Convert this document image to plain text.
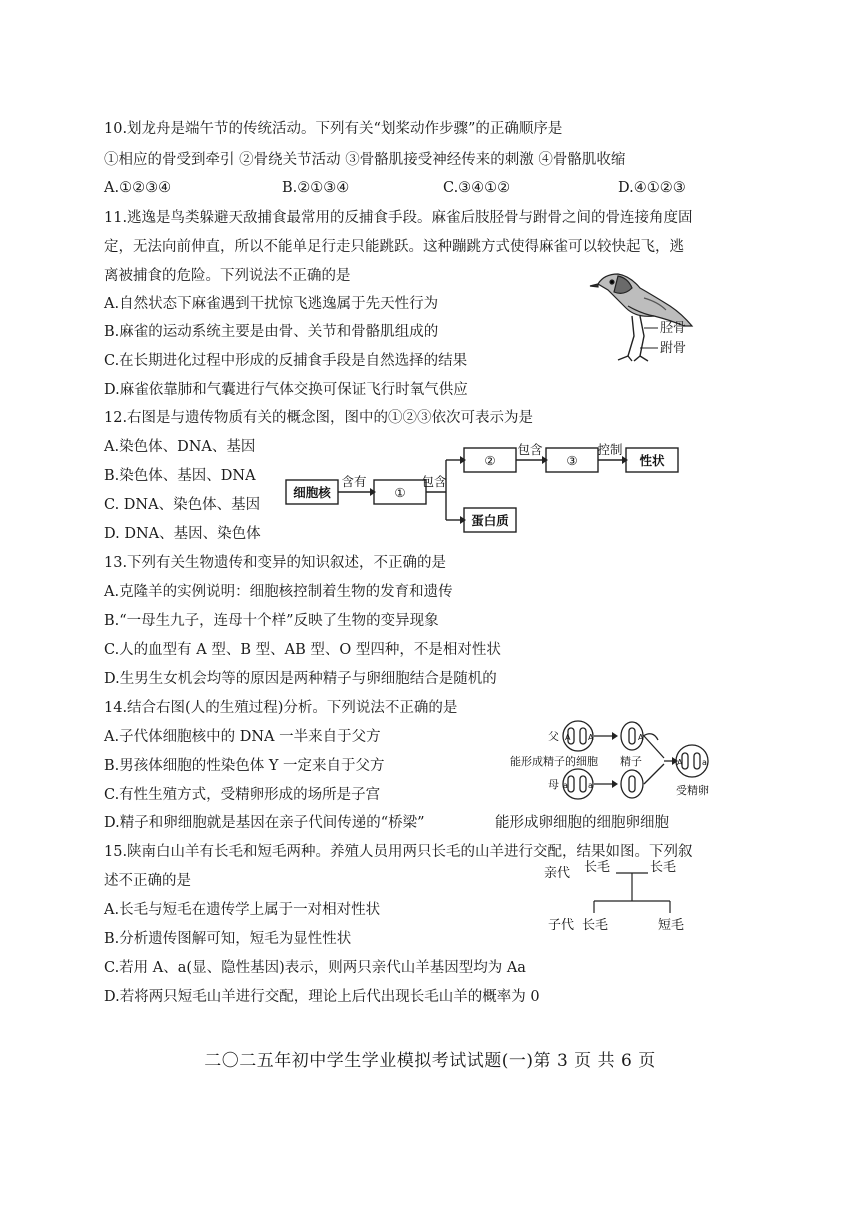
10.划龙舟是端午节的传统活动。下列有关“划桨动作步骤”的正确顺序是
①相应的骨受到牵引 ②骨绕关节活动 ③骨骼肌接受神经传来的刺激 ④骨骼肌收缩
A.①②③④	B.②①③④	C.③④①②	D.④①②③
11.逃逸是鸟类躲避天敌捕食最常用的反捕食手段。麻雀后肢胫骨与跗骨之间的骨连接角度固
定，无法向前伸直，所以不能单足行走只能跳跃。这种蹦跳方式使得麻雀可以较快起飞，逃
离被捕食的危险。下列说法不正确的是
A.自然状态下麻雀遇到干扰惊飞逃逸属于先天性行为
B.麻雀的运动系统主要是由骨、关节和骨骼肌组成的
C.在长期进化过程中形成的反捕食手段是自然选择的结果
D.麻雀依靠肺和气囊进行气体交换可保证飞行时氧气供应
胫骨
跗骨
12.右图是与遗传物质有关的概念图，图中的①②③依次可表示为是
A.染色体、DNA、基因
B.染色体、基因、DNA
C. DNA、染色体、基因
D. DNA、基因、染色体
细胞核
含有
①
包含
②
包含
③
控制
性状
蛋白质
13.下列有关生物遗传和变异的知识叙述，不正确的是
A.克隆羊的实例说明：细胞核控制着生物的发育和遗传
B.“一母生九子，连母十个样”反映了生物的变异现象
C.人的血型有 A 型、B 型、AB 型、O 型四种，不是相对性状
D.生男生女机会均等的原因是两种精子与卵细胞结合是随机的
14.结合右图(人的生殖过程)分析。下列说法不正确的是
A.子代体细胞核中的 DNA 一半来自于父方
B.男孩体细胞的性染色体 Y 一定来自于父方
C.有性生殖方式，受精卵形成的场所是子宫
D.精子和卵细胞就是基因在亲子代间传递的“桥梁”	能形成卵细胞的细胞卵细胞
父
母
A A
a	a
A
A a
能形成精子的细胞 精子
受精卵
15.陕南白山羊有长毛和短毛两种。养殖人员用两只长毛的山羊进行交配，结果如图。下列叙
述不正确的是
A.长毛与短毛在遗传学上属于一对相对性状
B.分析遗传图解可知，短毛为显性性状
C.若用 A、a(显、隐性基因)表示，则两只亲代山羊基因型均为 Aa
D.若将两只短毛山羊进行交配，理论上后代出现长毛山羊的概率为 0
亲代 长毛	长毛
子代 长毛	短毛
二〇二五年初中学生学业模拟考试试题(一)第 3 页 共 6 页
